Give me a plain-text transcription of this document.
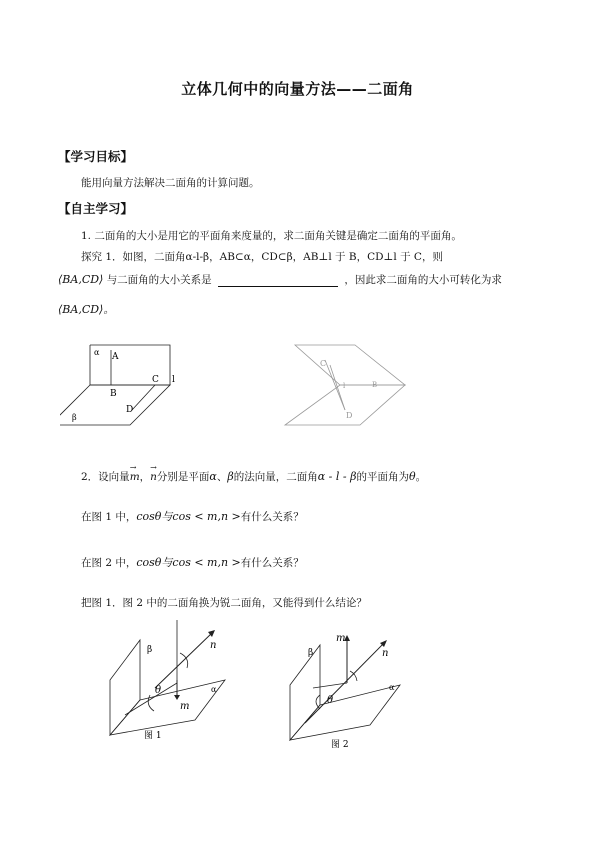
立体几何中的向量方法——二面角
【学习目标】
能用向量方法解决二面角的计算问题。
【自主学习】
1. 二面角的大小是用它的平面角来度量的，求二面角关键是确定二面角的平面角。
探究 1．如图，二面角α-l-β，AB⊂α，CD⊂β，AB⊥l 于 B，CD⊥l 于 C，则
⟨BA,CD⟩ 与二面角的大小关系是	，因此求二面角的大小可转化为求
⟨BA,CD⟩。
α A
B
C l
D
β
C
D
l	B
2．设向量→ m，→ n分别是平面α、β的法向量，二面角α - l - β的平面角为θ。
在图 1 中，cosθ与cos < m,n >有什么关系？
在图 2 中，cosθ与cos < m,n >有什么关系？
把图 1．图 2 中的二面角换为锐二面角，又能得到什么结论？
β	n
m
θ	α
图 1
β
m
n
θ
α
图 2
